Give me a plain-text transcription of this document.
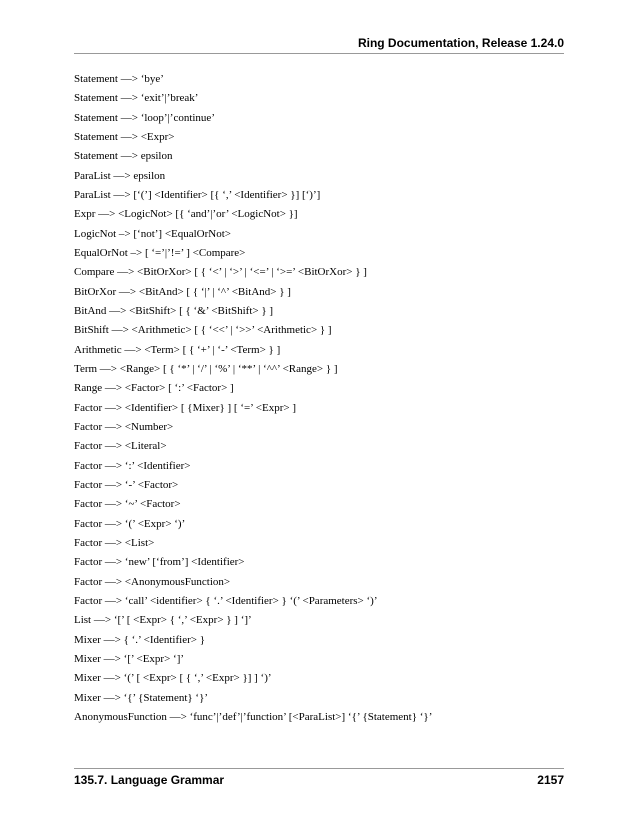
Ring Documentation, Release 1.24.0
Statement —> ‘bye’
Statement —> ‘exit’|’break’
Statement —> ‘loop’|’continue’
Statement —> <Expr>
Statement —> epsilon
ParaList —> epsilon
ParaList —> [‘(’] <Identifier> [{ ‘,’ <Identifier> }] [‘)’]
Expr —> <LogicNot> [{ ‘and’|’or’ <LogicNot> }]
LogicNot –> [‘not’] <EqualOrNot>
EqualOrNot –> [ ‘=’|’!=’ ] <Compare>
Compare —> <BitOrXor> [ { ‘<’ | ‘>’ | ‘<=’ | ‘>=’ <BitOrXor> } ]
BitOrXor —> <BitAnd> [ { ‘|’ | ‘^’ <BitAnd> } ]
BitAnd —> <BitShift> [ { ‘&’ <BitShift> } ]
BitShift —> <Arithmetic> [ { ‘<<’ | ‘>>’ <Arithmetic> } ]
Arithmetic —> <Term> [ { ‘+’ | ‘-’ <Term> } ]
Term —> <Range> [ { ‘*’ | ‘/’ | ‘%’ | ‘**’ | ‘^^’ <Range> } ]
Range —> <Factor> [ ‘:’ <Factor> ]
Factor —> <Identifier> [ {Mixer} ] [ ‘=’ <Expr> ]
Factor —> <Number>
Factor —> <Literal>
Factor —> ‘:’ <Identifier>
Factor —> ‘-’ <Factor>
Factor —> ‘~’ <Factor>
Factor —> ‘(’ <Expr> ‘)’
Factor —> <List>
Factor —> ‘new’ [‘from’] <Identifier>
Factor —> <AnonymousFunction>
Factor —> ‘call’ <identifier> { ‘.’ <Identifier> } ‘(’ <Parameters> ‘)’
List —> ‘[’ [ <Expr> { ‘,’ <Expr> } ] ‘]’
Mixer —> { ‘.’ <Identifier> }
Mixer —> ‘[’ <Expr> ‘]’
Mixer —> ‘(’ [ <Expr> [ { ‘,’ <Expr> }] ] ‘)’
Mixer —> ‘{’ {Statement} ‘}’
AnonymousFunction —> ‘func’|’def’|’function’ [<ParaList>] ‘{’ {Statement} ‘}’
135.7. Language Grammar	2157
